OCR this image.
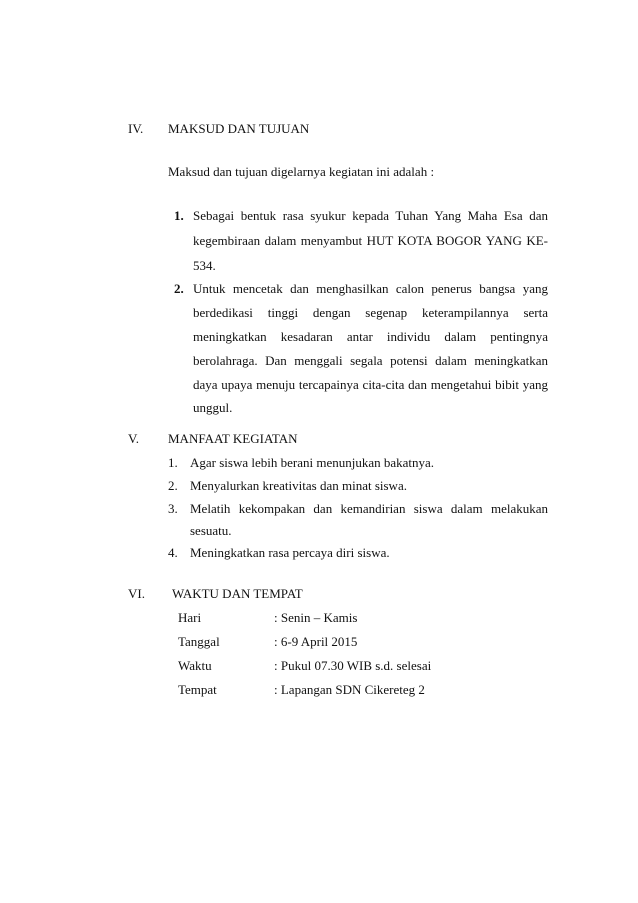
IV. MAKSUD DAN TUJUAN
Maksud dan tujuan digelarnya kegiatan ini adalah :
1. Sebagai bentuk rasa syukur kepada Tuhan Yang Maha Esa dan
kegembiraan dalam menyambut HUT KOTA BOGOR YANG KE-
534.
2. Untuk mencetak dan menghasilkan calon penerus bangsa yang
berdedikasi tinggi dengan segenap keterampilannya serta
meningkatkan kesadaran antar individu dalam pentingnya
berolahraga. Dan menggali segala potensi dalam meningkatkan
daya upaya menuju tercapainya cita-cita dan mengetahui bibit yang
unggul.
V. MANFAAT KEGIATAN
1. Agar siswa lebih berani menunjukan bakatnya.
2. Menyalurkan kreativitas dan minat siswa.
3. Melatih kekompakan dan kemandirian siswa dalam melakukan
sesuatu.
4. Meningkatkan rasa percaya diri siswa.
VI. WAKTU DAN TEMPAT
Hari	: Senin – Kamis
Tanggal	: 6-9 April 2015
Waktu	: Pukul 07.30 WIB s.d. selesai
Tempat	: Lapangan SDN Cikereteg 2
